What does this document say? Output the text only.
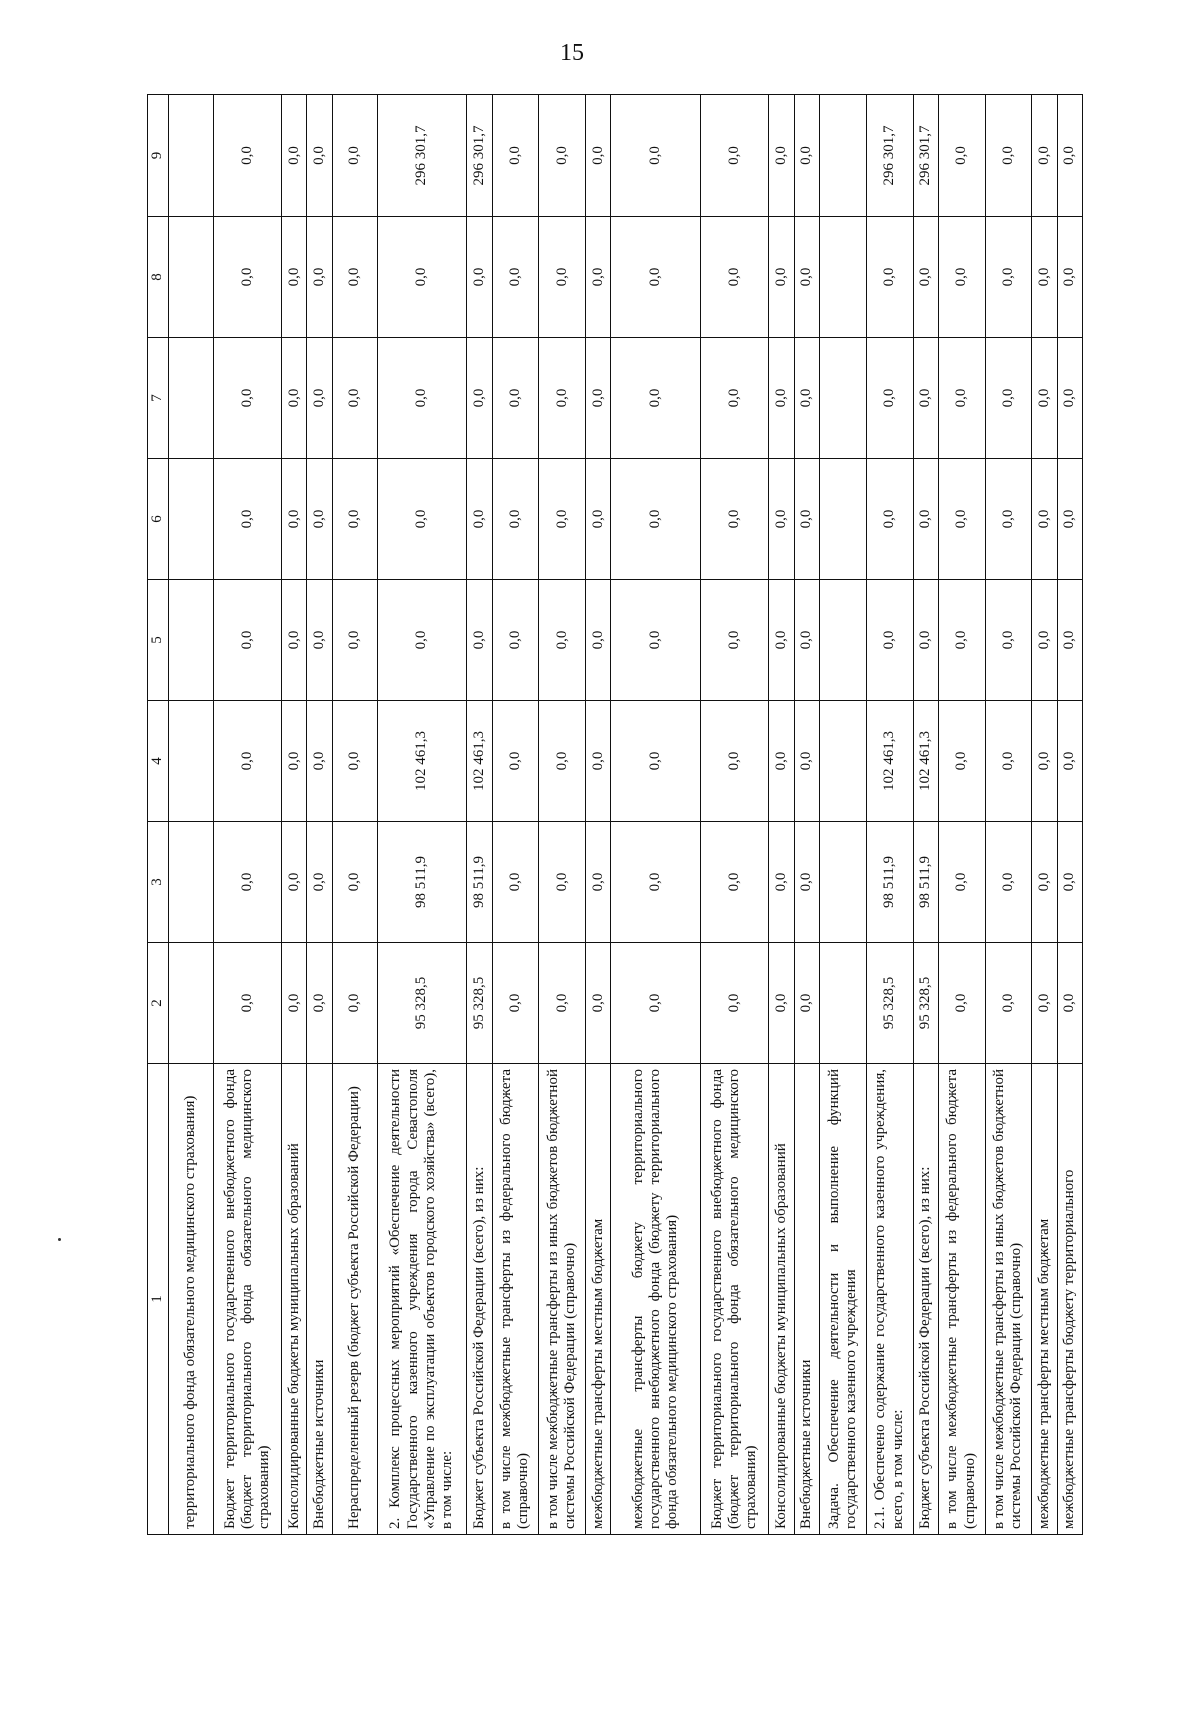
15
1	2	3	4	5	6	7	8	9
территориального фонда обязательного медицинского страхования)								
Бюджет территориального государственного внебюджетного фонда (бюджет территориального фонда обязательного медицинского страхования)	0,0	0,0	0,0	0,0	0,0	0,0	0,0	0,0
Консолидированные бюджеты муниципальных образований	0,0	0,0	0,0	0,0	0,0	0,0	0,0	0,0
Внебюджетные источники	0,0	0,0	0,0	0,0	0,0	0,0	0,0	0,0
Нераспределенный резерв (бюджет субъекта Российской Федерации)	0,0	0,0	0,0	0,0	0,0	0,0	0,0	0,0
2. Комплекс процессных мероприятий «Обеспечение деятельности Государственного казенного учреждения города Севастополя «Управление по эксплуатации объектов городского хозяйства» (всего), в том числе:	95 328,5	98 511,9	102 461,3	0,0	0,0	0,0	0,0	296 301,7
Бюджет субъекта Российской Федерации (всего), из них:	95 328,5	98 511,9	102 461,3	0,0	0,0	0,0	0,0	296 301,7
в том числе межбюджетные трансферты из федерального бюджета (справочно)	0,0	0,0	0,0	0,0	0,0	0,0	0,0	0,0
в том числе межбюджетные трансферты из иных бюджетов бюджетной системы Российской Федерации (справочно)	0,0	0,0	0,0	0,0	0,0	0,0	0,0	0,0
межбюджетные трансферты местным бюджетам	0,0	0,0	0,0	0,0	0,0	0,0	0,0	0,0
межбюджетные трансферты бюджету территориального государственного внебюджетного фонда (бюджету территориального фонда обязательного медицинского страхования)	0,0	0,0	0,0	0,0	0,0	0,0	0,0	0,0
Бюджет территориального государственного внебюджетного фонда (бюджет территориального фонда обязательного медицинского страхования)	0,0	0,0	0,0	0,0	0,0	0,0	0,0	0,0
Консолидированные бюджеты муниципальных образований	0,0	0,0	0,0	0,0	0,0	0,0	0,0	0,0
Внебюджетные источники	0,0	0,0	0,0	0,0	0,0	0,0	0,0	0,0
Задача. Обеспечение деятельности и выполнение функций государственного казенного учреждения								
2.1. Обеспечено содержание государственного казенного учреждения, всего, в том числе:	95 328,5	98 511,9	102 461,3	0,0	0,0	0,0	0,0	296 301,7
Бюджет субъекта Российской Федерации (всего), из них:	95 328,5	98 511,9	102 461,3	0,0	0,0	0,0	0,0	296 301,7
в том числе межбюджетные трансферты из федерального бюджета (справочно)	0,0	0,0	0,0	0,0	0,0	0,0	0,0	0,0
в том числе межбюджетные трансферты из иных бюджетов бюджетной системы Российской Федерации (справочно)	0,0	0,0	0,0	0,0	0,0	0,0	0,0	0,0
межбюджетные трансферты местным бюджетам	0,0	0,0	0,0	0,0	0,0	0,0	0,0	0,0
межбюджетные трансферты бюджету территориального	0,0	0,0	0,0	0,0	0,0	0,0	0,0	0,0
